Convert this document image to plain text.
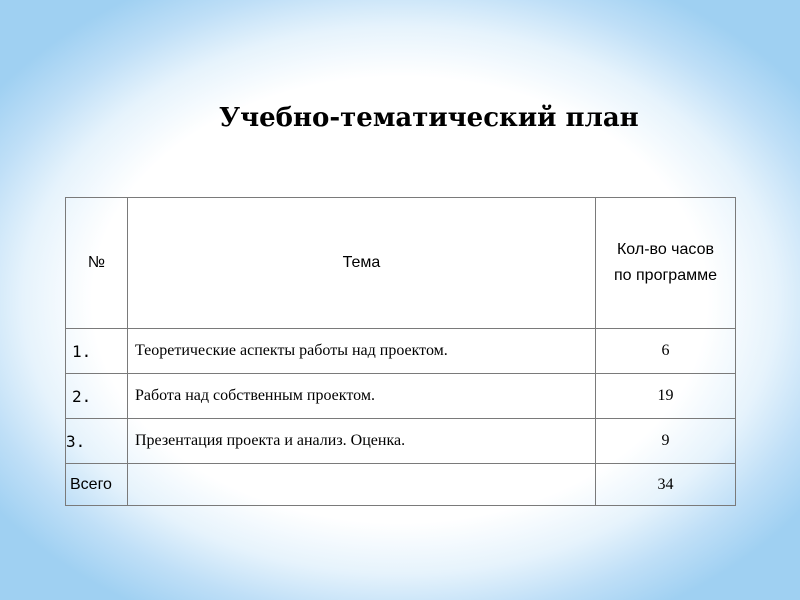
Учебно-тематический план
№	Тема	Кол-во часов
по программе

1.	Теоретические аспекты работы над проектом.	6
2.	Работа над собственным проектом.	19
3.	Презентация проекта и анализ. Оценка.	9
Всего		34
